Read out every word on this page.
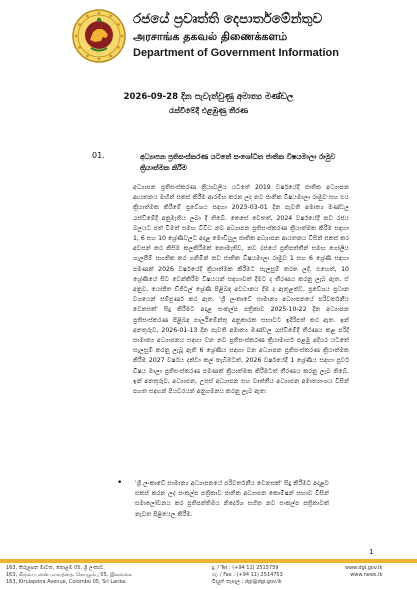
රජයේ ප්‍රවෘත්ති දෙපාර්තමේන්තුව
அரசாங்க தகவல் திணைக்களம்
Department of Government Information
2026-09-28 දින පැවැත්වුණු අමාත්‍ය මණ්ඩල
රැස්වීමේදී එළඹුණු තීරණ
01.	අධ්‍යාපන ප්‍රතිසංස්කරණ යටතේ සංශෝධිත ජාතික විෂයමාලා රාමුව ක්‍රියාත්මක කිරීම

අධ්‍යාපන ප්‍රතිසංස්කරණ ක්‍රියාවලිය යටතේ 2019 වර්ෂයේදී ජාතික අධ්‍යාපන ආයතනය මඟින් සකස් කිරීම ආරම්භ කරන ලද නව ජාතික විෂයමාලා රාමුව සහ එය ක්‍රියාත්මක කිරීමේ ප්‍රවේශය සඳහා 2023-03-01 දින පැවති අමාත්‍ය මණ්ඩල රැස්වීමේදී අනුමැතිය ලබා දී තිබේ. කෙසේ වෙතත්, 2024 වර්ෂයේදී නව රජය බලයට පත් වීමත් සමඟ විවිධ නව අධ්‍යාපන ප්‍රතිසංස්කරණ ක්‍රියාත්මක කිරීම සඳහා 1, 6 සහ 10 ශ්‍රේණිවලට අදාළ මොඩියුල ජාතික අධ්‍යාපන ආයතනය විසින් සකස් කර අවසන් කර කිසිම කලකිරීමක් නොමැතිව, නව රජයේ ප්‍රතිපත්තීන් සමඟ ගෝලීය ගැලපීම් සහතික කර ගනිමින් නව ජාතික විෂයමාලා රාමුව 1 සහ 6 ශ්‍රේණි සඳහා පමණක් 2026 වර්ෂයේදී ක්‍රියාත්මක කිරීමට සැලසුම් කරන ලදී. එහෙත්, 10 ශ්‍රේණියේ සිට වෙන්කිරීම විෂයයන් සඳහාවත් දීමට ද තීරණය කරනු ලැබ ඇත. ඒ අනුව, යෝජිත ඩිජිටල් ශ්‍රේණි පිළිබඳ අවධානය දීම ද ඇතුළත්ව, ප්‍රවේශය ප්‍රධාන වශයෙන් සම්පූර්ණ කර ඇත. 'ශ්‍රී ලංකාවේ සාමාන්‍ය අධ්‍යාපනයේ පරිවර්තනීය වෙනසක්' සිදු කිරීමට අදාළ සංකල්ප පත්‍රිකාව 2025-10-22 දින අධ්‍යාපන ප්‍රතිසංස්කරණ පිළිබඳ පාර්ලිමේන්තු අනුකාරක සභාවට ඉදිරිපත් කර ඇත. ඉන් අනතුරුව, 2026-01-13 දින පැවති අමාත්‍ය මණ්ඩල රැස්වීමේදී තීරණය කළ පරිදි සාමාන්‍ය අධ්‍යාපනය සඳහා වන නව ප්‍රතිසංස්කරණ ක්‍රියාමාර්ග පළමු අදියර යටතේ සැලසුම් කරනු ලැබූ ඇති 6 ශ්‍රේණිය සඳහා වන අධ්‍යාපන ප්‍රතිසංස්කරණ ක්‍රියාත්මක කිරීම 2027 වර්ෂය දක්වා කල් තැබීමටත්, 2026 වර්ෂයේදී 1 ශ්‍රේණිය සඳහා පූර්ව විෂය මාලා ප්‍රතිසංස්කරණ පමණක් ක්‍රියාත්මක කිරීමටත් තීරණය කරනු ලැබ තිබේ. ඉන් අනතුරුව, අධ්‍යාපන, උසස් අධ්‍යාපන සහ වෘත්තීය අධ්‍යාපන අමාත්‍යාංශය විසින් පහත සඳහන් පියවරයන් අනුගමනය කරනු ලැබ ඇත:

• 'ශ්‍රී ලංකාවේ සාමාන්‍ය අධ්‍යාපනයේ පරිවර්තනීය වෙනසක්' සිදු කිරීමට අදාළව සකස් කරන ලද සංකල්ප පත්‍රිකාව ජාතික අධ්‍යාපන කොමිෂන් සභාව විසින් සමාලෝචනය කර ප්‍රතිපත්තිමය නිර්දේශ සහිත නව සංකල්ප පත්‍රිකාවක් නැවත පිළියෙල කිරීම.

1
163, කිරුළපන මාවත, කොළඹ 05, ශ්‍රී ලංකාව.
163, கிருலப்பனை மாவத்தை, கொழும்பு 05, இலங்கை.
163, Kirulapona Avenue, Colombo 05, Sri Lanka.
දු. / Tel : (+94 11) 2515759
ෆැ. / Fax : (+94 11) 2514753
විද්‍යුත් තැපෑල : dgi@dgi.gov.lk
www.dgi.gov.lk
www.news.lk
